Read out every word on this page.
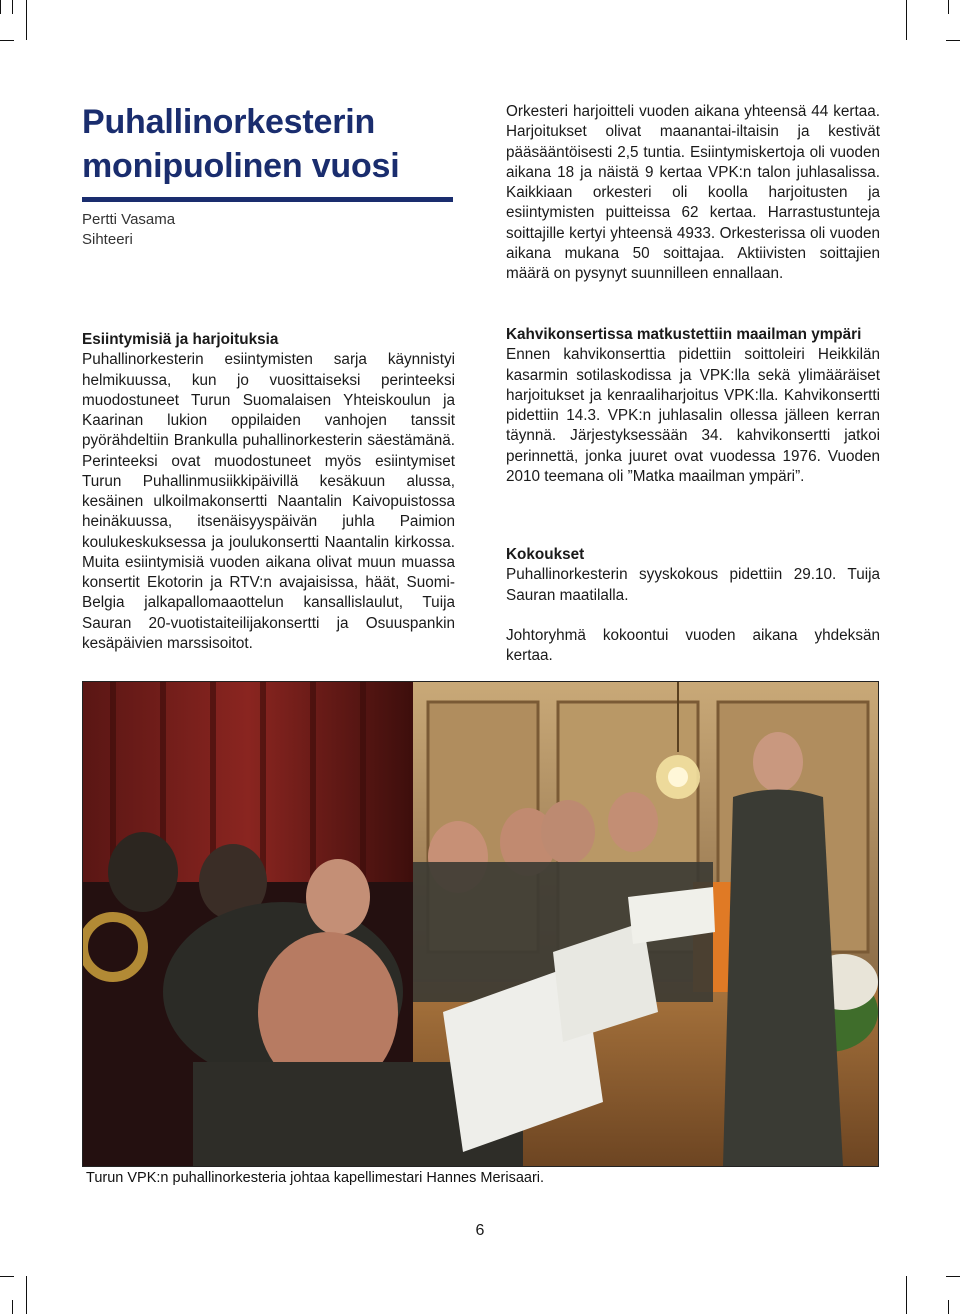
Puhallinorkesterin
monipuolinen vuosi
Pertti Vasama
Sihteeri

Orkesteri harjoitteli vuoden aikana yhteensä 44 kertaa. Harjoitukset olivat maanantai-iltaisin ja kestivät pääsääntöisesti 2,5 tuntia. Esiintymiskertoja oli vuoden aikana 18 ja näistä 9 kertaa VPK:n talon juhlasalissa. Kaikkiaan orkesteri oli koolla harjoitusten ja esiintymisten puitteissa 62 kertaa. Harrastustunteja soittajille kertyi yhteensä 4933. Orkesterissa oli vuoden aikana mukana 50 soittajaa. Aktiivisten soittajien määrä on pysynyt suunnilleen ennallaan.

Esiintymisiä ja harjoituksia
Puhallinorkesterin esiintymisten sarja käynnistyi helmikuussa, kun jo vuosittaiseksi perinteeksi muodostuneet Turun Suomalaisen Yhteiskoulun ja Kaarinan lukion oppilaiden vanhojen tanssit pyörähdeltiin Brankulla puhallinorkesterin säestämänä. Perinteeksi ovat muodostuneet myös esiintymiset Turun Puhallinmusiikkipäivillä kesäkuun alussa, kesäinen ulkoilmakonsertti Naantalin Kaivopuistossa heinäkuussa, itsenäisyyspäivän juhla Paimion koulukeskuksessa ja joulukonsertti Naantalin kirkossa. Muita esiintymisiä vuoden aikana olivat muun muassa konsertit Ekotorin ja RTV:n avajaisissa, häät, Suomi-Belgia jalkapallomaaottelun kansallislaulut, Tuija Sauran 20-vuotistaiteilijakonsertti ja Osuuspankin kesäpäivien marssisoitot.
Kahvikonsertissa matkustettiin maailman ympäri
Ennen kahvikonserttia pidettiin soittoleiri Heikkilän kasarmin sotilaskodissa ja VPK:lla sekä ylimääräiset harjoitukset ja kenraaliharjoitus VPK:lla. Kahvikonsertti pidettiin 14.3. VPK:n juhlasalin ollessa jälleen kerran täynnä. Järjestyksessään 34. kahvikonsertti jatkoi perinnettä, jonka juuret ovat vuodessa 1976. Vuoden 2010 teemana oli ”Matka maailman ympäri”.
Kokoukset
Puhallinorkesterin syyskokous pidettiin 29.10. Tuija Sauran maatilalla.
Johtoryhmä kokoontui vuoden aikana yhdeksän kertaa.
Turun VPK:n puhallinorkesteria johtaa kapellimestari Hannes Merisaari.
6
